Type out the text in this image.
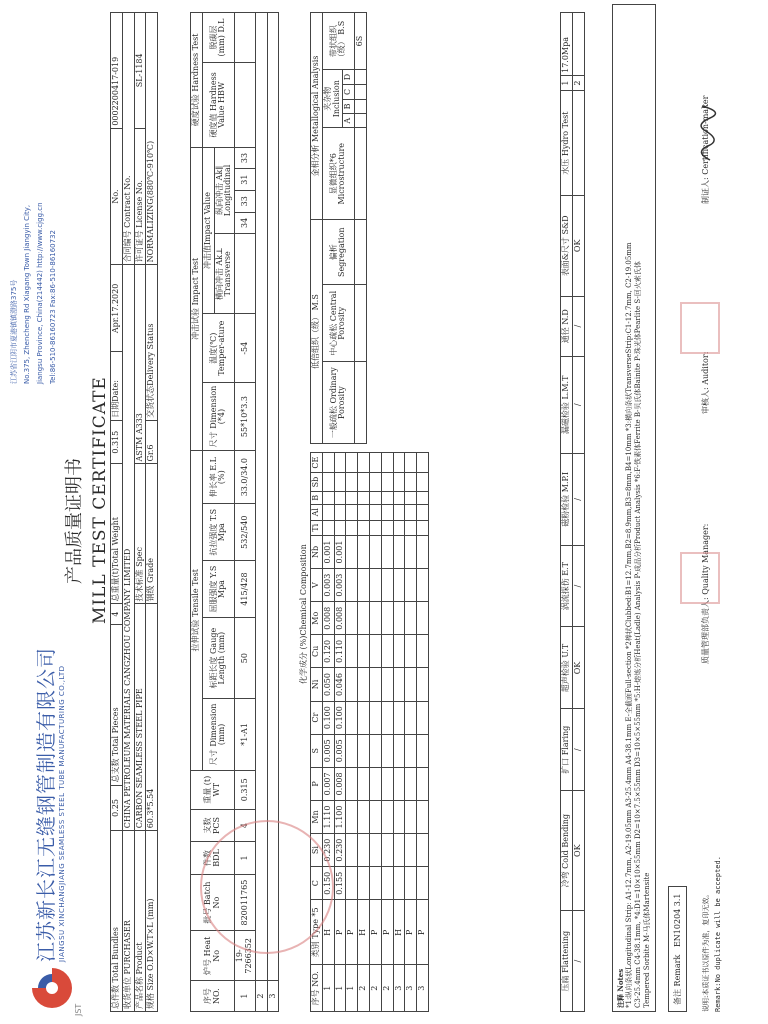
JST
江苏新长江无缝钢管制造有限公司 JIANGSU XINCHANGJIANG SEAMLESS STEEL TUBE MANUFACTURING CO.,LTD
江苏省江阴市夏港镇镇澄路375号 No.375, Zhencheng Rd Xiagang Town Jiangyin City, Jiangsu Province, China(214442) http://www.cjgg.cn Tel:86-510-86160723 Fax:86-510-86160732
产品质量证明书 MILL TEST CERTIFICATE
总件数 Total Bundles	0.25	总支数 Total Pieces	4	总重量(t)Total Weight	0.315	日期Date:	Apr.17.2020	No.	0002200417-019
收货单位 PURCHASER	CHINA PETROLEUM MATERIALS CANGZHOU COMPANY LIMITED							合同编号 Contract No.	
产品名称 Product	CARBON SEAMLESS STEEL PIPE			技术标准 Spec	ASTM A333			许可证号 License No.	SL-1184
规格 Size O.D×W.T×L (mm)	60.3*5.54			钢级 Grade	Gr.6	交货状态Delivery Status		NORMALIZING(880℃-910℃)	
序号 NO.	炉号 Heat No	批号 Batch No	件数 BDL	支数 PCS	重量 (t) WT	拉伸试验 Tensile Test					冲击试验 Impact Test							硬度试验 Hardness Test	
						尺寸 Dimension (mm)	标距长度 Gauge Length (mm)	屈服强度 Y.S Mpa	抗拉强度 T.S Mpa	伸长率 E.L (%)	尺寸 Dimension (*4)	温度(℃) Temper-ature	冲击值Impact Value					硬度值 Hardness Value HBW	脱碳层 (mm) D.L
													横向冲击 Ak⊥ Transverse	纵向冲击 Ak∥ Longitudinal					
1	19-7266352	820011765	1	4	0.315	*1-A1	50	415/428	532/540	33.0/34.0	55*10*3.3	-54		34	33	31	33		
2																			
3																			
化学成分 (%)Chemical Composition
序号 NO.	类别 Type *5	C	Si	Mn	P	S	Cr	Ni	Cu	Mo	V	Nb	Ti	Al	B	Sb	CE
1	H	0.150	0.230	1.110	0.007	0.005	0.100	0.050	0.120	0.008	0.003	0.001					
1	P	0.155	0.230	1.100	0.008	0.005	0.100	0.046	0.110	0.008	0.003	0.001					
1	P																
2	H																
2	P																
2	P																
3	H																
3	P																
3	P																
低倍组织（级） M.S			金相分析 Metallogical Analysis					
一般疏松 Ordinary Porosity	中心疏松 Central Porosity	偏析 Segregation	显微组织*6 Microstructure	夹杂物 Inclusion				带状组织（级） B.S
				A	B	C	D	
								6S
压扁 Flattening	冷弯 Cold Bending	扩口 Flaring	超声检验 U.T	涡流探伤 E.T	磁粉检验 M.P.I	漏磁检验 L.M.T	通径 N.D	表面&尺寸 S&D	水压 Hydro Test	1	17.0Mpa
/	OK	/	OK	/	/	/	/	OK		2	
注释 Notes *1:纵向条状Longitudinal Strip: A1-12.7mm, A2-19.05mm A3-25.4mm A4-38.1mm E-全截面Full-section *2棒状Clubbed:B1=12.7mm,B2=8.9mm,B3=8mm,B4=10mm *3:横向条状TransverseStrip:C1-12.7mm, C2-19.05mm C3-25.4mm C4-38.1mm, *4:D1=10×10×55mm D2=10×7.5×55mm D3=10×5×55mm *5:H-熔炼分析Heat(Ladle) Analysis P-成品分析Product Analysis *6:F-铁素体Ferrite B-贝氏体Bainite P-珠光体Pearlite S-回火索氏体 Tempered Sorbite M-马氏体Martensite	备注 Remark   EN10204 3.1	说明:本质证书以原件为准，复印无效。 Remark:No duplicate will be accepted.
质量管理部负责人: Quality Manager:
审核人: Auditor:
制证人: Certification-maker
